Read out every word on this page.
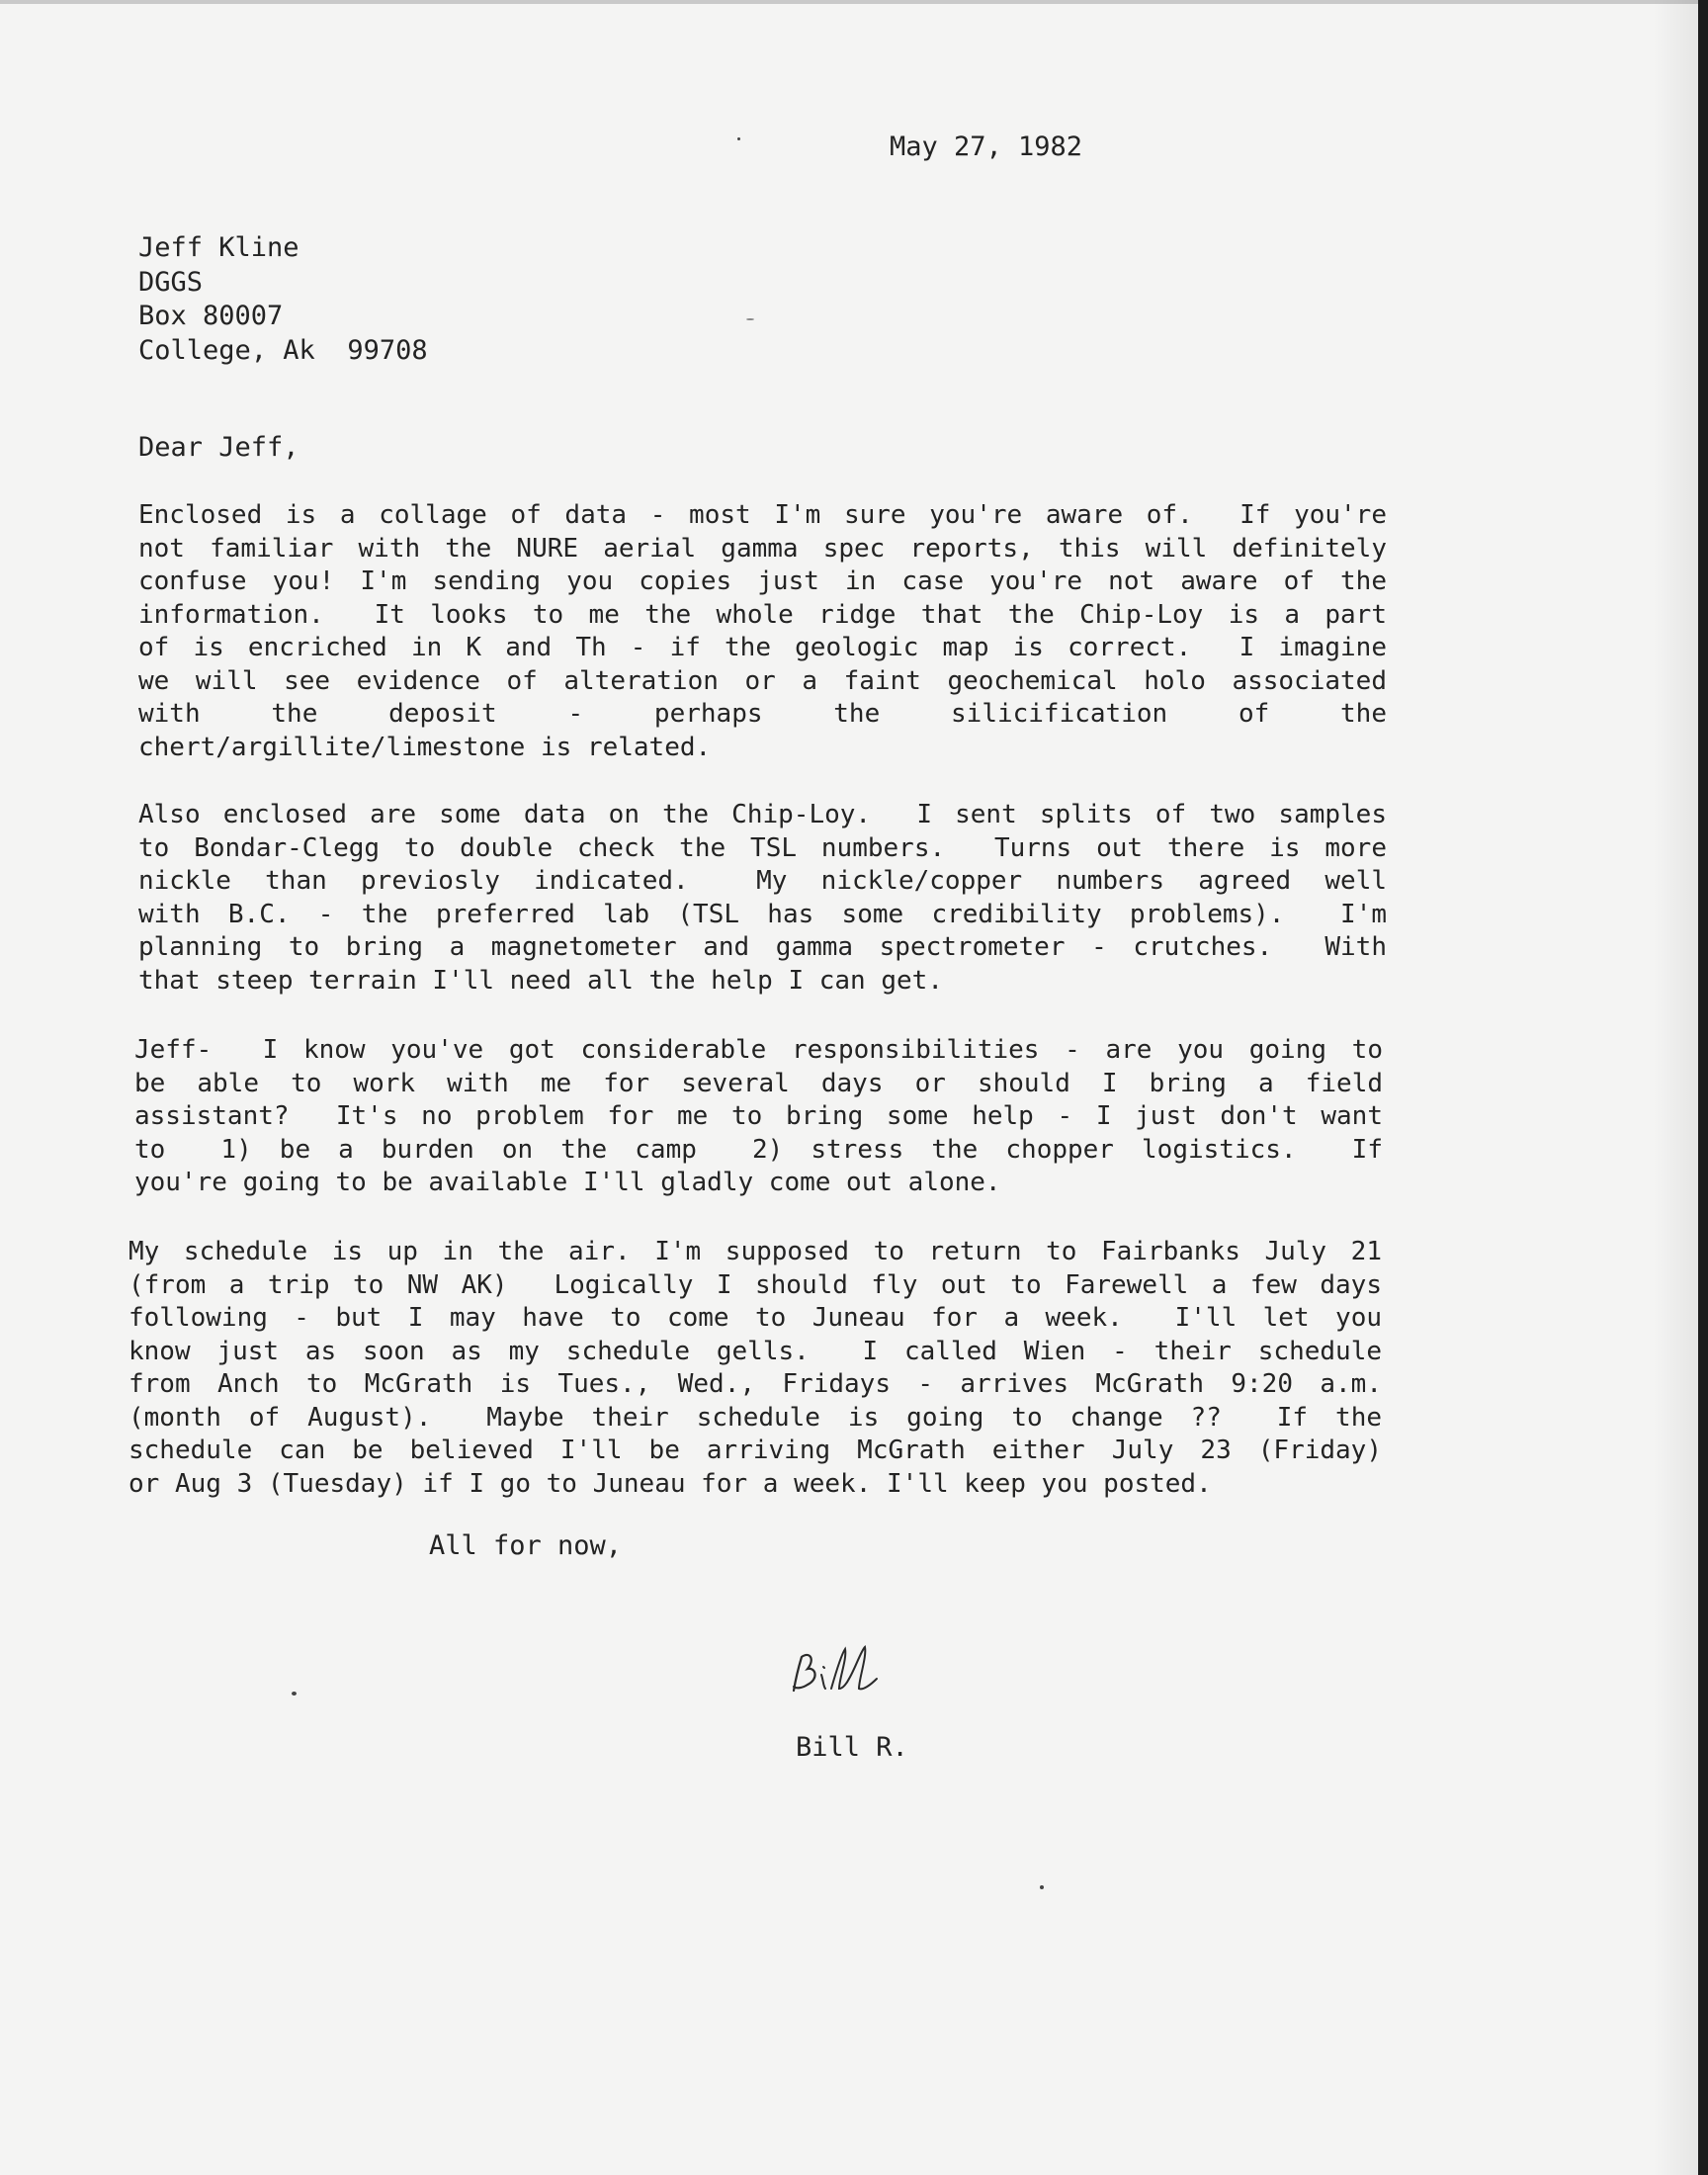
May 27, 1982
Jeff Kline
DGGS
Box 80007
College, Ak  99708
Dear Jeff,
Enclosed is a collage of data - most I'm sure you're aware of.  If you're
not familiar with the NURE aerial gamma spec reports, this will definitely
confuse you! I'm sending you copies just in case you're not aware of the
information.  It looks to me the whole ridge that the Chip-Loy is a part
of is encriched in K and Th - if the geologic map is correct.  I imagine
we will see evidence of alteration or a faint geochemical holo associated
with the deposit - perhaps the silicification of the
chert/argillite/limestone is related.
Also enclosed are some data on the Chip-Loy.  I sent splits of two samples
to Bondar-Clegg to double check the TSL numbers.  Turns out there is more
nickle than previosly indicated.  My nickle/copper numbers agreed well
with B.C. - the preferred lab (TSL has some credibility problems).  I'm
planning to bring a magnetometer and gamma spectrometer - crutches.  With
that steep terrain I'll need all the help I can get.
Jeff-  I know you've got considerable responsibilities - are you going to
be able to work with me for several days or should I bring a field
assistant?  It's no problem for me to bring some help - I just don't want
to  1) be a burden on the camp  2) stress the chopper logistics.  If
you're going to be available I'll gladly come out alone.
My schedule is up in the air. I'm supposed to return to Fairbanks July 21
(from a trip to NW AK)  Logically I should fly out to Farewell a few days
following - but I may have to come to Juneau for a week.  I'll let you
know just as soon as my schedule gells.  I called Wien - their schedule
from Anch to McGrath is Tues., Wed., Fridays - arrives McGrath 9:20 a.m.
(month of August).  Maybe their schedule is going to change ??  If the
schedule can be believed I'll be arriving McGrath either July 23 (Friday)
or Aug 3 (Tuesday) if I go to Juneau for a week. I'll keep you posted.
All for now,
Bill R.
